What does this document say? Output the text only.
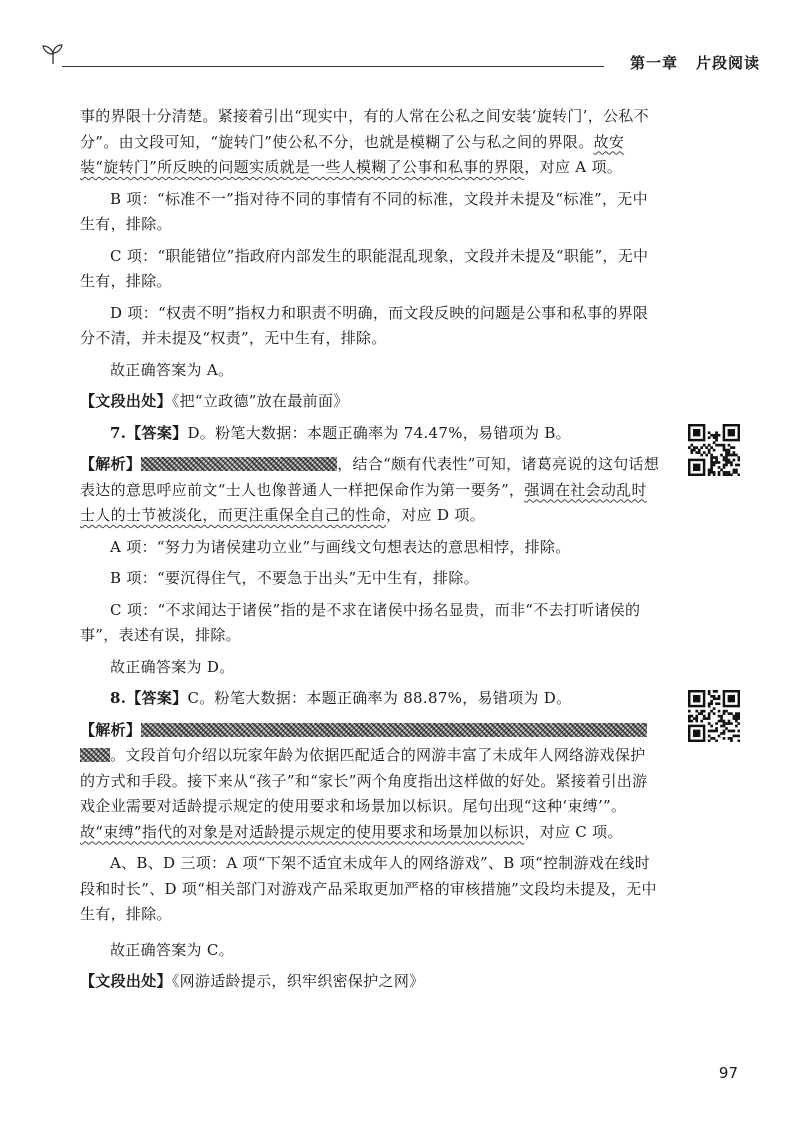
第一章 片段阅读

事的界限十分清楚。紧接着引出“现实中，有的人常在公私之间安装‘旋转门’，公私不分”。由文段可知，“旋转门”使公私不分，也就是模糊了公与私之间的界限。故安装“旋转门”所反映的问题实质就是一些人模糊了公事和私事的界限，对应 A 项。

B 项：“标准不一”指对待不同的事情有不同的标准，文段并未提及“标准”，无中生有，排除。

C 项：“职能错位”指政府内部发生的职能混乱现象，文段并未提及“职能”，无中生有，排除。

D 项：“权责不明”指权力和职责不明确，而文段反映的问题是公事和私事的界限分不清，并未提及“权责”，无中生有，排除。

故正确答案为 A。

【文段出处】《把“立政德”放在最前面》

7.【答案】D。粉笔大数据：本题正确率为 74.47%，易错项为 B。

【解析】	，结合“颇有代表性”可知，诸葛亮说的这句话想表达的意思呼应前文“士人也像普通人一样把保命作为第一要务”，强调在社会动乱时士人的士节被淡化，而更注重保全自己的性命，对应 D 项。

A 项：“努力为诸侯建功立业”与画线文句想表达的意思相悖，排除。

B 项：“要沉得住气，不要急于出头”无中生有，排除。

C 项：“不求闻达于诸侯”指的是不求在诸侯中扬名显贵，而非“不去打听诸侯的事”，表述有误，排除。

故正确答案为 D。

8.【答案】C。粉笔大数据：本题正确率为 88.87%，易错项为 D。

【解析】。文段首句介绍以玩家年龄为依据匹配适合的网游丰富了未成年人网络游戏保护的方式和手段。接下来从“孩子”和“家长”两个角度指出这样做的好处。紧接着引出游戏企业需要对适龄提示规定的使用要求和场景加以标识。尾句出现“这种‘束缚’”。故“束缚”指代的对象是对适龄提示规定的使用要求和场景加以标识，对应 C 项。

A、B、D 三项：A 项“下架不适宜未成年人的网络游戏”、B 项“控制游戏在线时段和时长”、D 项“相关部门对游戏产品采取更加严格的审核措施”文段均未提及，无中生有，排除。

故正确答案为 C。

【文段出处】《网游适龄提示，织牢织密保护之网》

97
